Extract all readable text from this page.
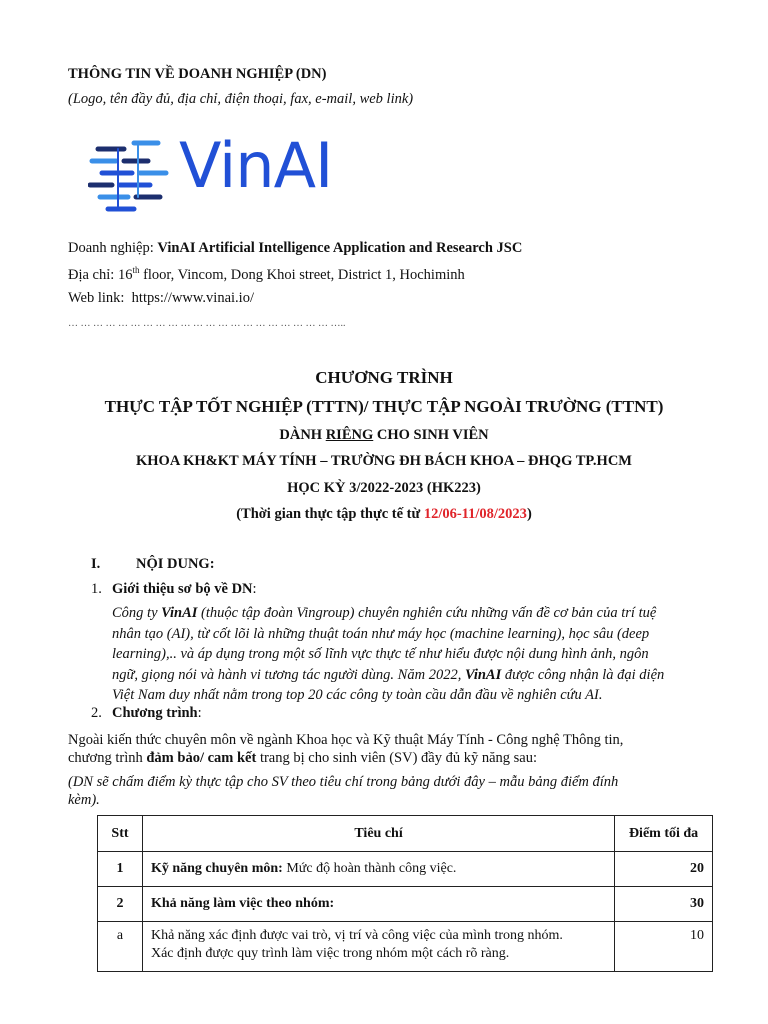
THÔNG TIN VỀ DOANH NGHIỆP (DN)
(Logo, tên đầy đủ, địa chỉ, điện thoại, fax, e-mail, web link)
VinAI
Doanh nghiệp: VinAI Artificial Intelligence Application and Research JSC
Địa chỉ: 16th floor, Vincom, Dong Khoi street, District 1, Hochiminh
Web link: https://www.vinai.io/
… … … … … … … … … … … … … … … … … … … … … …..
CHƯƠNG TRÌNH
THỰC TẬP TỐT NGHIỆP (TTTN)/ THỰC TẬP NGOÀI TRƯỜNG (TTNT)
DÀNH RIÊNG CHO SINH VIÊN
KHOA KH&KT MÁY TÍNH – TRƯỜNG ĐH BÁCH KHOA – ĐHQG TP.HCM
HỌC KỲ 3/2022-2023 (HK223)
(Thời gian thực tập thực tế từ 12/06-11/08/2023)
I. NỘI DUNG:
1. Giới thiệu sơ bộ về DN:
Công ty VinAI (thuộc tập đoàn Vingroup) chuyên nghiên cứu những vấn đề cơ bản của trí tuệ
nhân tạo (AI), từ cốt lõi là những thuật toán như máy học (machine learning), học sâu (deep
learning),.. và áp dụng trong một số lĩnh vực thực tế như hiểu được nội dung hình ảnh, ngôn
ngữ, giọng nói và hành vi tương tác người dùng. Năm 2022, VinAI được công nhận là đại diện
Việt Nam duy nhất nằm trong top 20 các công ty toàn cầu dẫn đầu về nghiên cứu AI.
2. Chương trình:
Ngoài kiến thức chuyên môn về ngành Khoa học và Kỹ thuật Máy Tính - Công nghệ Thông tin,
chương trình đảm bảo/ cam kết trang bị cho sinh viên (SV) đầy đủ kỹ năng sau:
(DN sẽ chấm điểm kỳ thực tập cho SV theo tiêu chí trong bảng dưới đây – mẫu bảng điểm đính
kèm).
Stt	Tiêu chí	Điểm tối đa
1	Kỹ năng chuyên môn: Mức độ hoàn thành công việc.	20
2	Khả năng làm việc theo nhóm:	30
a	Khả năng xác định được vai trò, vị trí và công việc của mình trong nhóm.
Xác định được quy trình làm việc trong nhóm một cách rõ ràng.	10
